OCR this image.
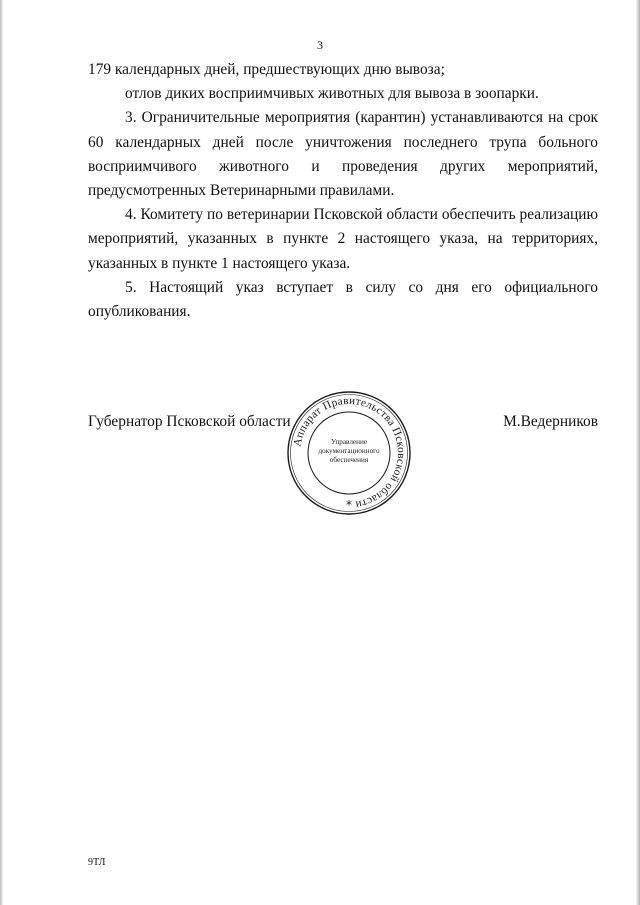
3

179 календарных дней, предшествующих дню вывоза;

отлов диких восприимчивых животных для вывоза в зоопарки.

3. Ограничительные мероприятия (карантин) устанавливаются на срок 60 календарных дней после уничтожения последнего трупа больного восприимчивого животного и проведения других мероприятий, предусмотренных Ветеринарными правилами.

4. Комитету по ветеринарии Псковской области обеспечить реализацию мероприятий, указанных в пункте 2 настоящего указа, на территориях, указанных в пункте 1 настоящего указа.

5. Настоящий указ вступает в силу со дня его официального опубликования.

Губернатор Псковской области	М.Ведерников
Аппарат Правительства Псковской области
Управление
документационного
обеспечения
*
9ТЛ
